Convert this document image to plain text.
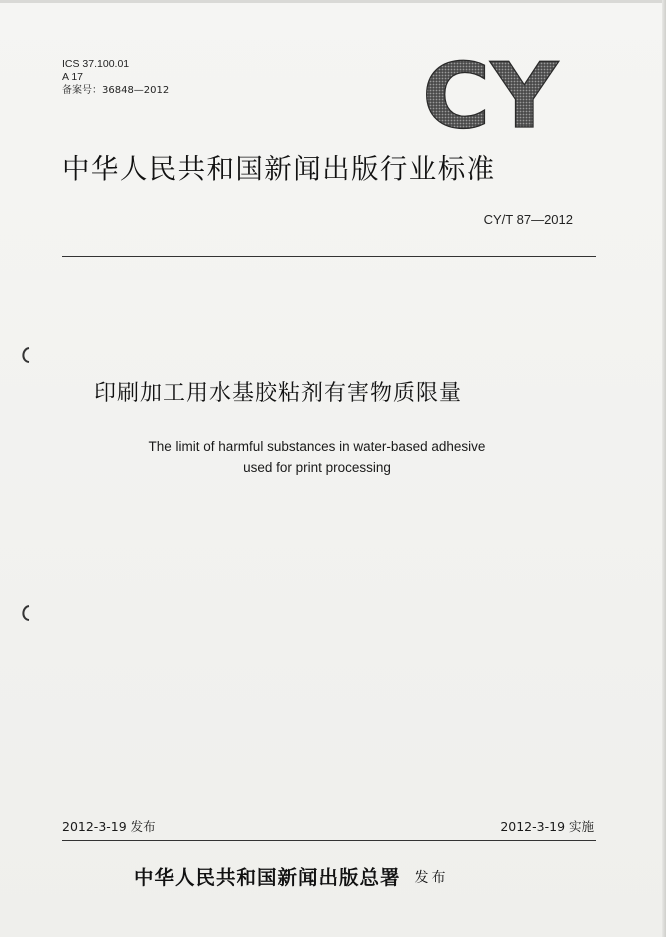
ICS 37.100.01
A 17
备案号：36848—2012	CY
中华人民共和国新闻出版行业标准
CY/T 87—2012
印刷加工用水基胶粘剂有害物质限量
The limit of harmful substances in water-based adhesive
used for print processing
2012-3-19 发布	2012-3-19 实施
中华人民共和国新闻出版总署 发布
